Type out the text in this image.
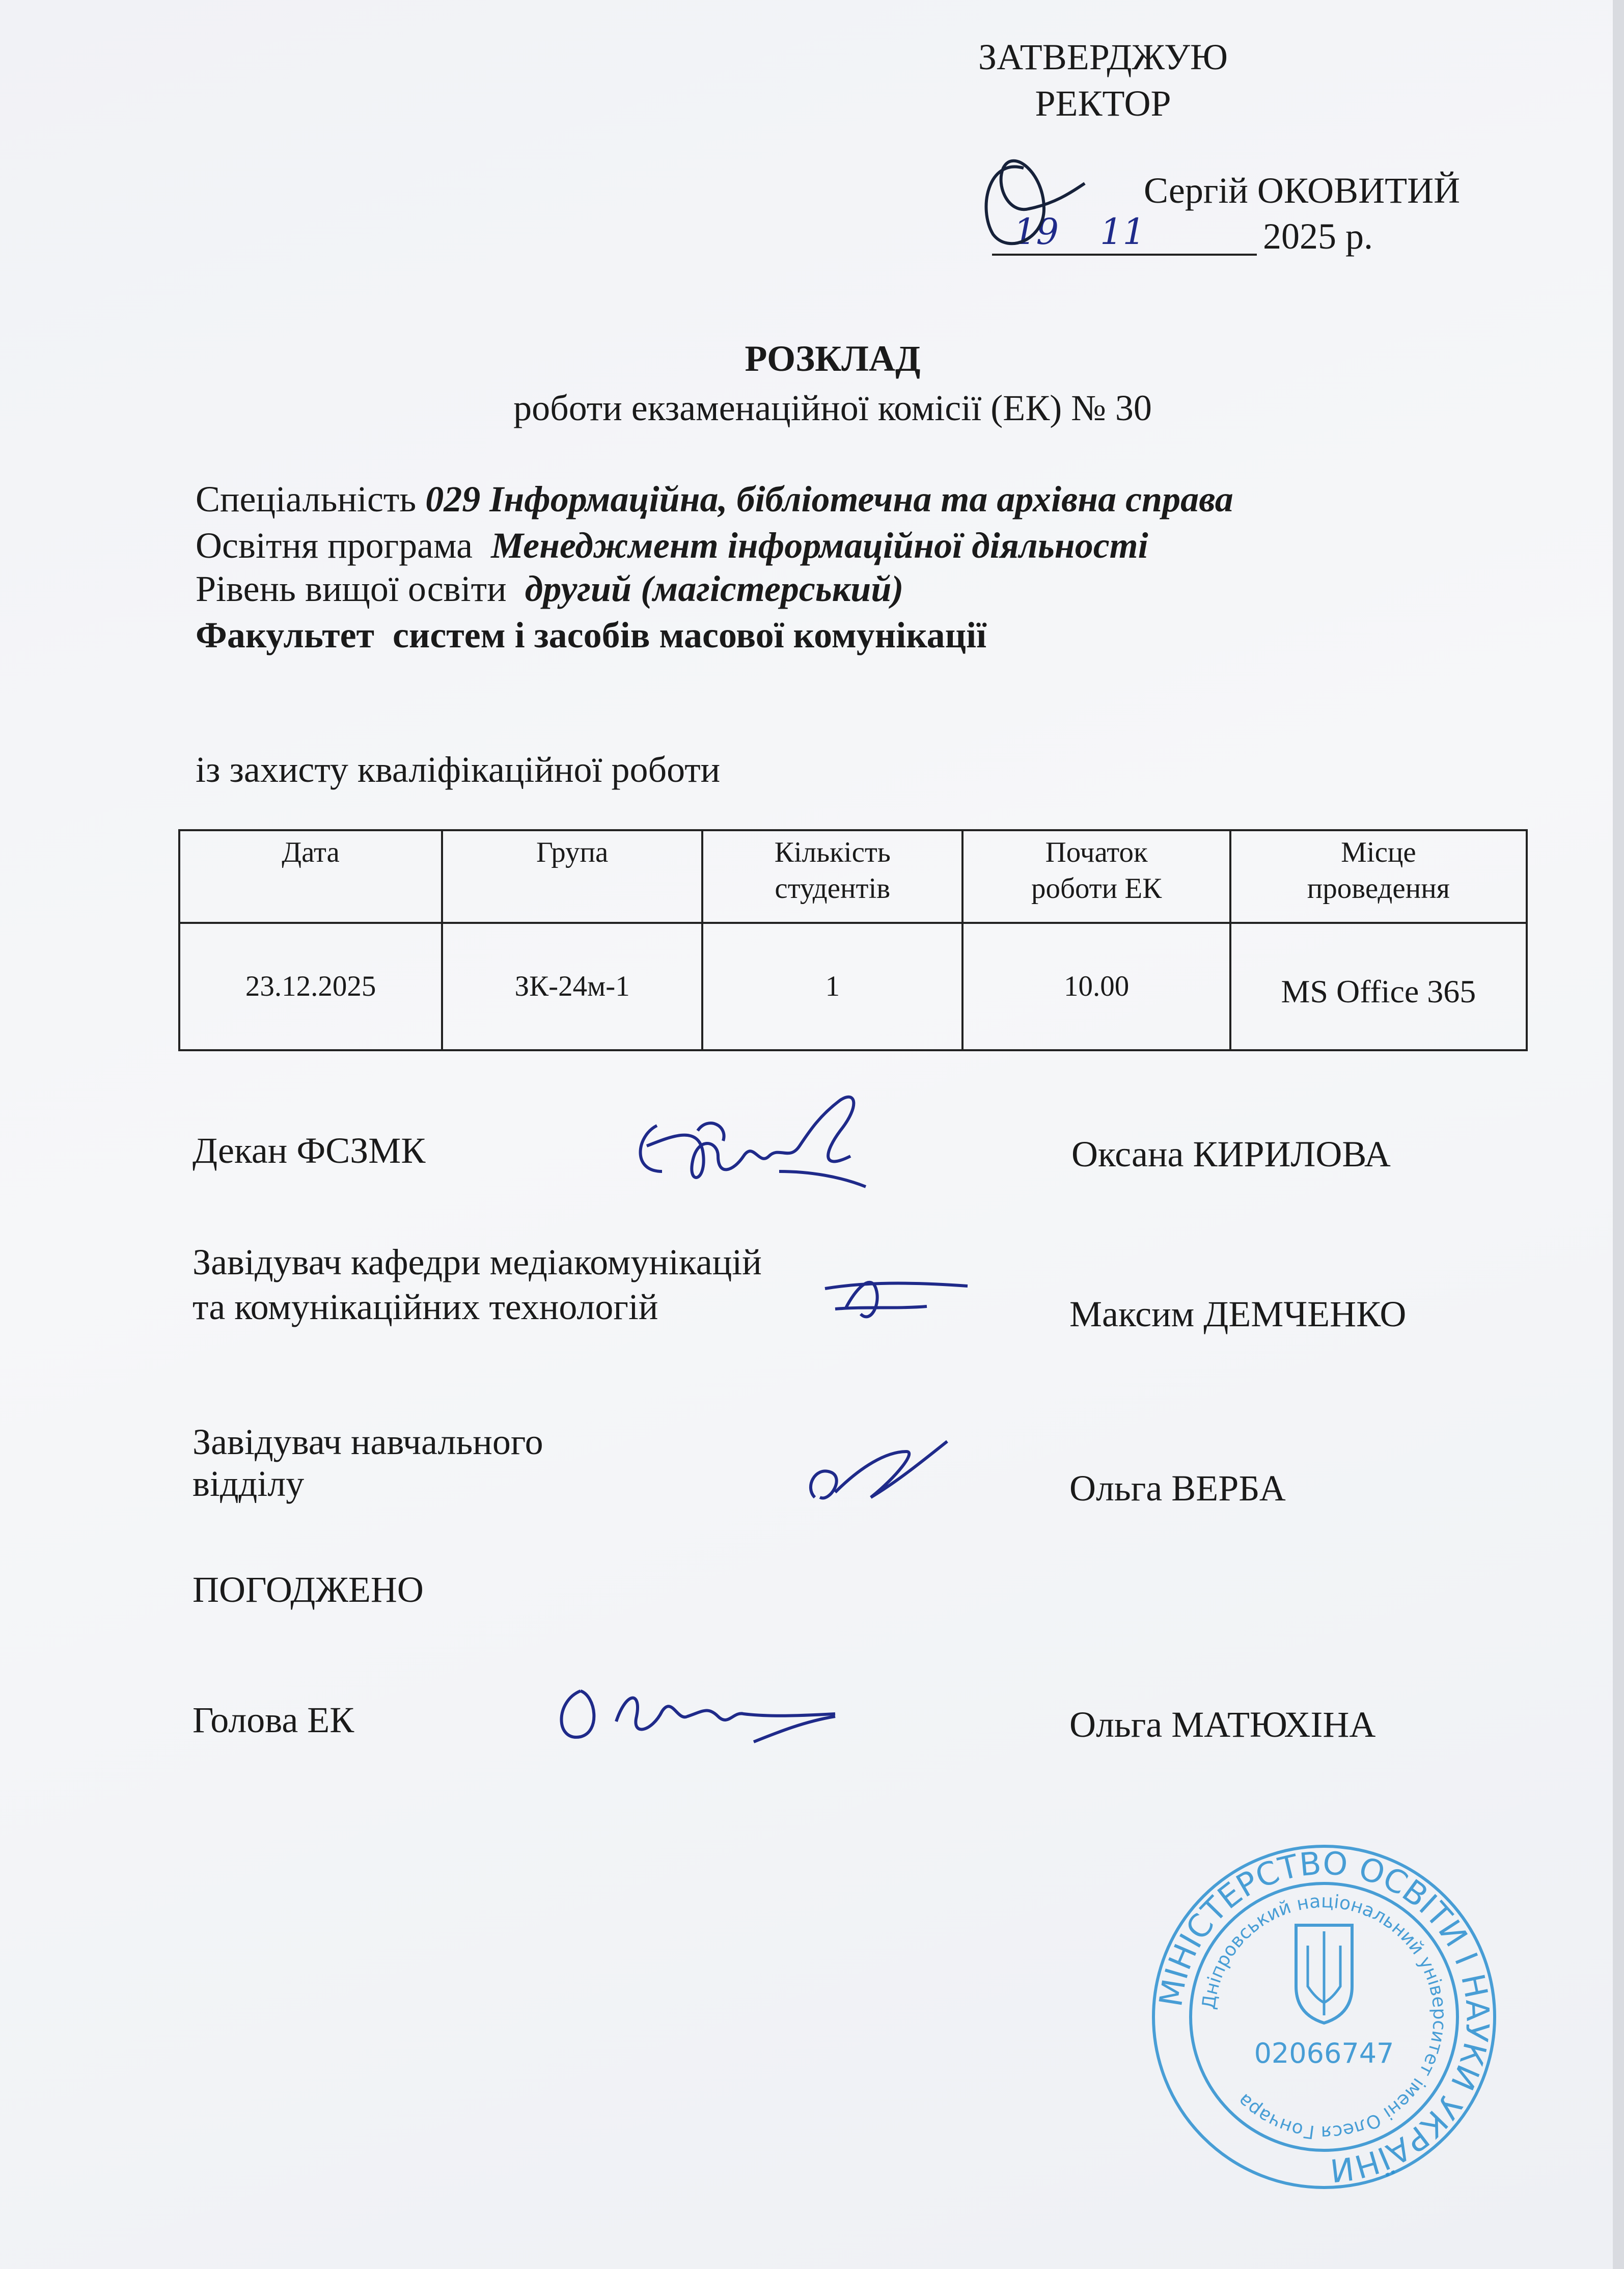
ЗАТВЕРДЖУЮ
РЕКТОР
Сергій ОКОВИТИЙ
19 11	2025 р.
МІНІСТЕРСТВО ОСВІТИ І НАУКИ УКРАЇНИ
Дніпровський національний університет імені Олеся Гончара
02066747
РОЗКЛАД
роботи екзаменаційної комісії (ЕК) № 30
Спеціальність 029 Інформаційна, бібліотечна та архівна справа
Освітня програма Менеджмент інформаційної діяльності
Рівень вищої освіти другий (магістерський)
Факультет систем і засобів масової комунікації
із захисту кваліфікаційної роботи
Дата	Група	Кількість студентів	Початок роботи ЕК	Місце проведення

23.12.2025	ЗК-24м-1	1	10.00	MS Office 365
Декан ФСЗМК	Оксана КИРИЛОВА
Завідувач кафедри медіакомунікацій
та комунікаційних технологій	Максим ДЕМЧЕНКО
Завідувач навчального
відділу	Ольга ВЕРБА
ПОГОДЖЕНО
Голова ЕК	Ольга МАТЮХІНА
